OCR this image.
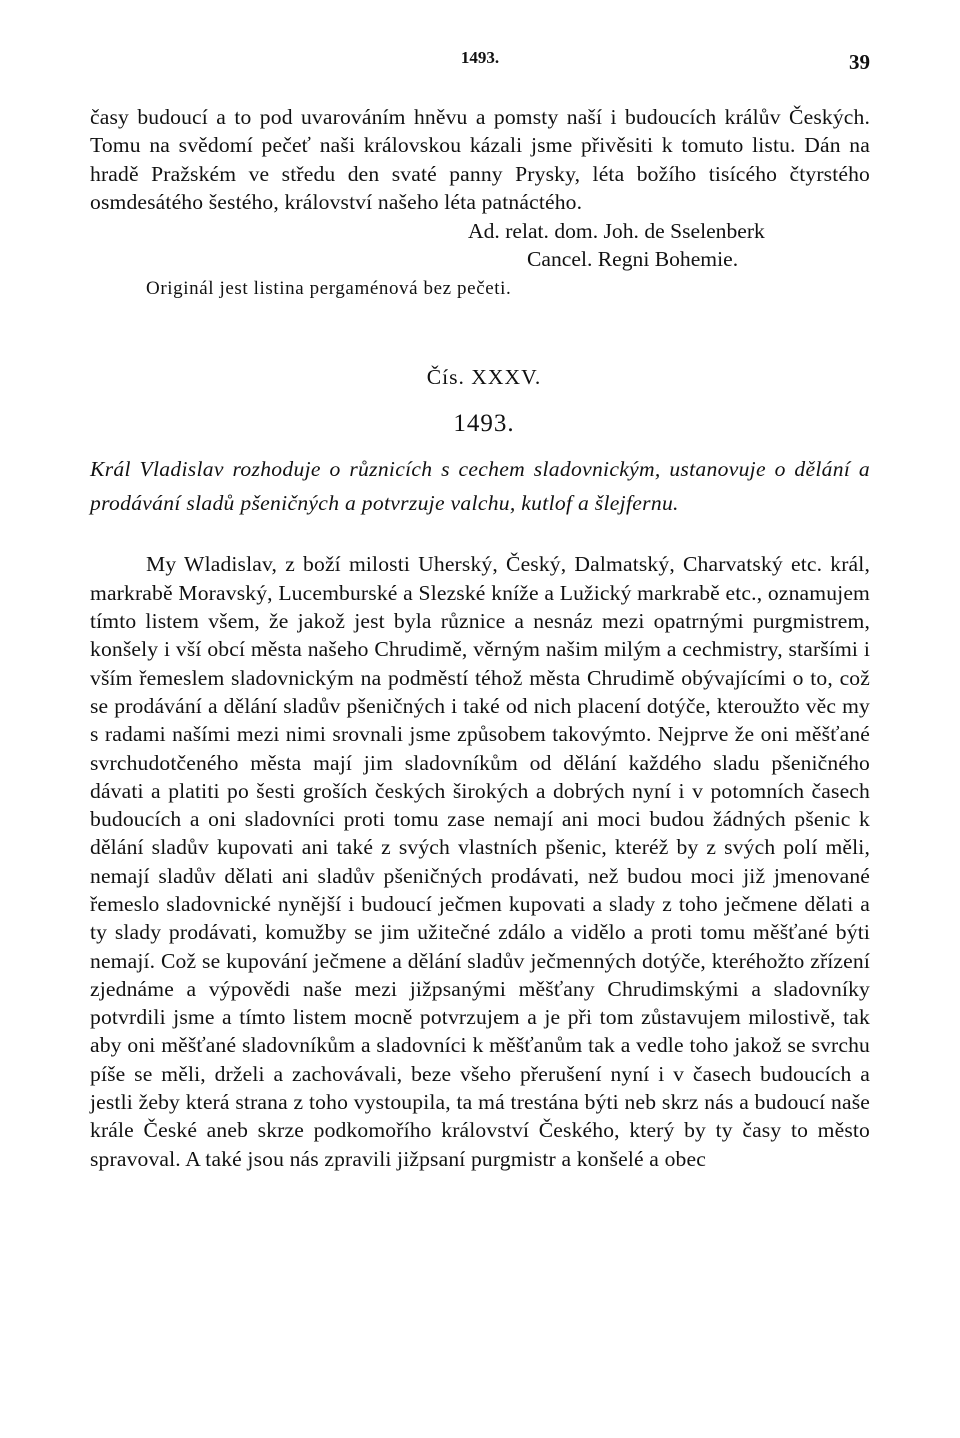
1493.	39

časy budoucí a to pod uvarováním hněvu a pomsty naší i budoucích králův Českých. Tomu na svědomí pečeť naši královskou kázali jsme přivěsiti k tomuto listu. Dán na hradě Pražském ve středu den svaté panny Prysky, léta božího tisícého čtyrstého osmdesátého šestého, království našeho léta patnáctého.

Ad. relat. dom. Joh. de Sselenberk
Cancel. Regni Bohemie.
Originál jest listina pergaménová bez pečeti.
Čís. XXXV.
1493.

Král Vladislav rozhoduje o různicích s cechem sladovnickým, ustanovuje o dělání a prodávání sladů pšeničných a potvrzuje valchu, kutlof a šlejfernu.

My Wladislav, z boží milosti Uherský, Český, Dalmatský, Charvatský etc. král, markrabě Moravský, Lucemburské a Slezské kníže a Lužický markrabě etc., oznamujem tímto listem všem, že jakož jest byla různice a nesnáz mezi opatrnými purgmistrem, konšely i vší obcí města našeho Chrudimě, věrným našim milým a cechmistry, staršími i vším řemeslem sladovnickým na podměstí téhož města Chrudimě obývajícími o to, což se prodávání a dělání sladův pšeničných i také od nich placení dotýče, kteroužto věc my s radami našími mezi nimi srovnali jsme způsobem takovýmto. Nejprve že oni měšťané svrchudotčeného města mají jim sladovníkům od dělání každého sladu pšeničného dávati a platiti po šesti groších českých širokých a dobrých nyní i v potomních časech budoucích a oni sladovníci proti tomu zase nemají ani moci budou žádných pšenic k dělání sladův kupovati ani také z svých vlastních pšenic, kteréž by z svých polí měli, nemají sladův dělati ani sladův pšeničných prodávati, než budou moci již jmenované řemeslo sladovnické nynější i budoucí ječmen kupovati a slady z toho ječmene dělati a ty slady prodávati, komužby se jim užitečné zdálo a vidělo a proti tomu měšťané býti nemají. Což se kupování ječmene a dělání sladův ječmenných dotýče, kteréhožto zřízení zjednáme a výpovědi naše mezi jižpsanými měšťany Chrudimskými a sladovníky potvrdili jsme a tímto listem mocně potvrzujem a je při tom zůstavujem milostivě, tak aby oni měšťané sladovníkům a sladovníci k měšťanům tak a vedle toho jakož se svrchu píše se měli, drželi a zachovávali, beze všeho přerušení nyní i v časech budoucích a jestli žeby která strana z toho vystoupila, ta má trestána býti neb skrz nás a budoucí naše krále České aneb skrze podkomořího království Českého, který by ty časy to město spravoval. A také jsou nás zpravili jižpsaní purgmistr a konšelé a obec
